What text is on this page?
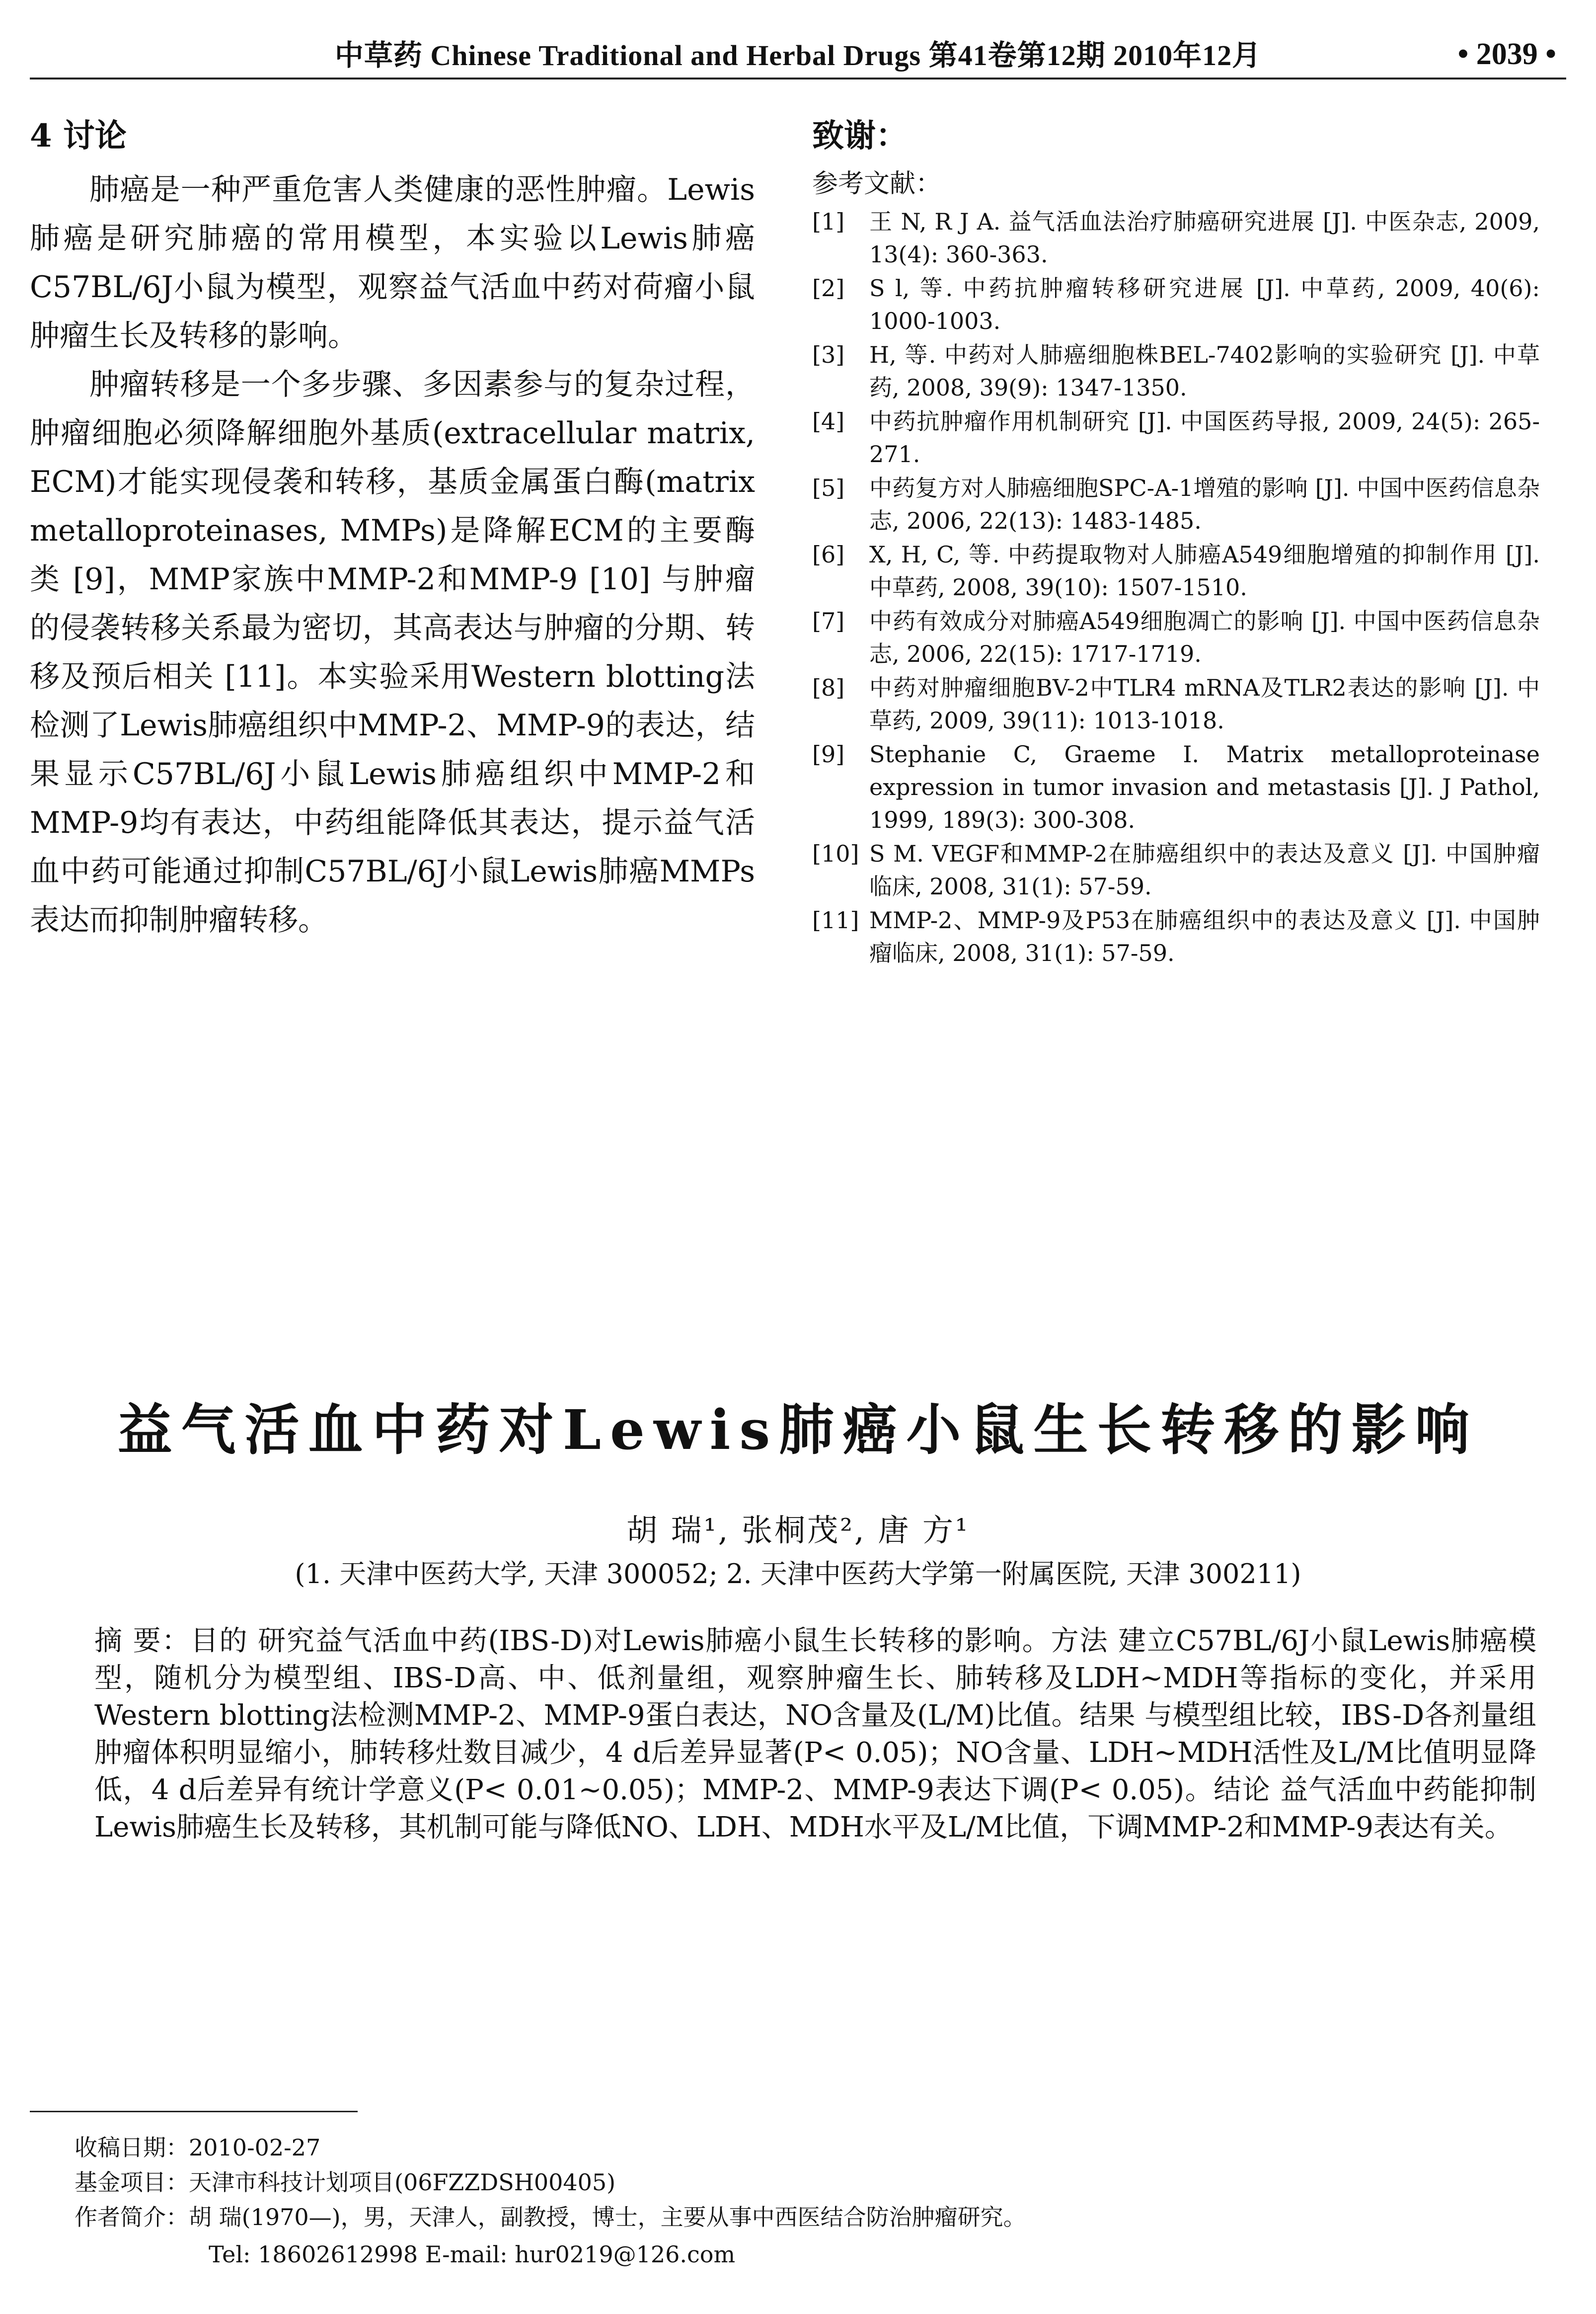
中草药 Chinese Traditional and Herbal Drugs 第41卷第12期 2010年12月	• 2039 •
4 讨论

肺癌是一种严重危害人类健康的恶性肿瘤。Lewis肺癌是研究肺癌的常用模型，本实验以Lewis肺癌C57BL/6J小鼠为模型，观察益气活血中药对荷瘤小鼠肿瘤生长及转移的影响。

肿瘤转移是一个多步骤、多因素参与的复杂过程，肿瘤细胞必须降解细胞外基质(extracellular matrix, ECM)才能实现侵袭和转移，基质金属蛋白酶(matrix metalloproteinases, MMPs)是降解ECM的主要酶类 [9]，MMP家族中MMP-2和MMP-9 [10] 与肿瘤的侵袭转移关系最为密切，其高表达与肿瘤的分期、转移及预后相关 [11]。本实验采用Western blotting法检测了Lewis肺癌组织中MMP-2、MMP-9的表达，结果显示C57BL/6J小鼠Lewis肺癌组织中MMP-2和MMP-9均有表达，中药组能降低其表达，提示益气活血中药可能通过抑制C57BL/6J小鼠Lewis肺癌MMPs表达而抑制肿瘤转移。

致谢：
参考文献：
[1]	王 N, R J A. 益气活血法治疗肺癌研究进展 [J]. 中医杂志, 2009, 13(4): 360-363.
[2]	S l, 等. 中药抗肿瘤转移研究进展 [J]. 中草药, 2009, 40(6): 1000-1003.
[3]	H, 等. 中药对人肺癌细胞株BEL-7402影响的实验研究 [J]. 中草药, 2008, 39(9): 1347-1350.
[4]	中药抗肿瘤作用机制研究 [J]. 中国医药导报, 2009, 24(5): 265-271.
[5]	中药复方对人肺癌细胞SPC-A-1增殖的影响 [J]. 中国中医药信息杂志, 2006, 22(13): 1483-1485.
[6]	X, H, C, 等. 中药提取物对人肺癌A549细胞增殖的抑制作用 [J]. 中草药, 2008, 39(10): 1507-1510.
[7]	中药有效成分对肺癌A549细胞凋亡的影响 [J]. 中国中医药信息杂志, 2006, 22(15): 1717-1719.
[8]	中药对肿瘤细胞BV-2中TLR4 mRNA及TLR2表达的影响 [J]. 中草药, 2009, 39(11): 1013-1018.
[9]	Stephanie C, Graeme I. Matrix metalloproteinase expression in tumor invasion and metastasis [J]. J Pathol, 1999, 189(3): 300-308.
[10] S M. VEGF和MMP-2在肺癌组织中的表达及意义 [J]. 中国肿瘤临床, 2008, 31(1): 57-59.
[11] MMP-2、MMP-9及P53在肺癌组织中的表达及意义 [J]. 中国肿瘤临床, 2008, 31(1): 57-59.
益气活血中药对Lewis肺癌小鼠生长转移的影响
胡 瑞¹, 张桐茂², 唐 方¹
(1. 天津中医药大学, 天津 300052; 2. 天津中医药大学第一附属医院, 天津 300211)
摘 要：目的 研究益气活血中药(IBS-D)对Lewis肺癌小鼠生长转移的影响。方法 建立C57BL/6J小鼠Lewis肺癌模型，随机分为模型组、IBS-D高、中、低剂量组，观察肿瘤生长、肺转移及LDH~MDH等指标的变化，并采用Western blotting法检测MMP-2、MMP-9蛋白表达，NO含量及(L/M)比值。结果 与模型组比较，IBS-D各剂量组肿瘤体积明显缩小，肺转移灶数目减少，4 d后差异显著(P< 0.05)；NO含量、LDH~MDH活性及L/M比值明显降低，4 d后差异有统计学意义(P< 0.01~0.05)；MMP-2、MMP-9表达下调(P< 0.05)。结论 益气活血中药能抑制Lewis肺癌生长及转移，其机制可能与降低NO、LDH、MDH水平及L/M比值，下调MMP-2和MMP-9表达有关。
收稿日期：2010-02-27
基金项目：天津市科技计划项目(06FZZDSH00405)
作者简介：胡 瑞(1970—)，男，天津人，副教授，博士，主要从事中西医结合防治肿瘤研究。
Tel: 18602612998 E-mail: hur0219@126.com
